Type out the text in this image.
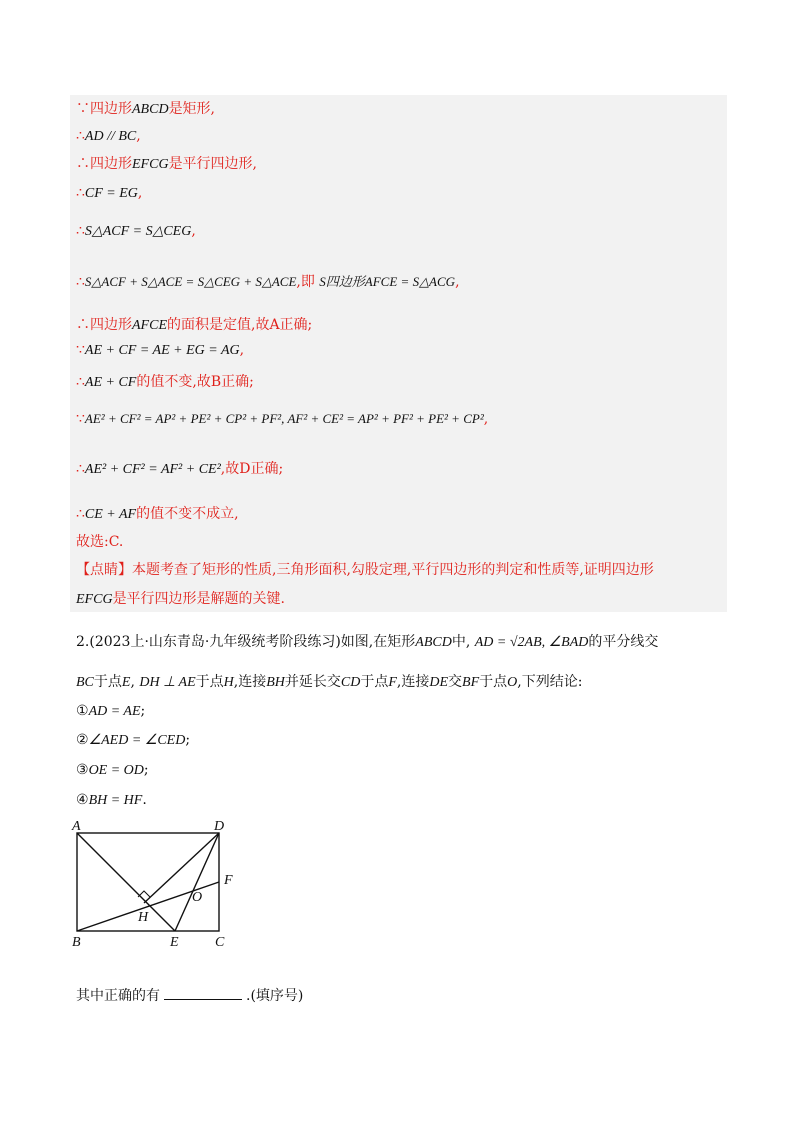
∵四边形ABCD是矩形,
∴AD // BC,
∴四边形EFCG是平行四边形,
∴CF = EG,
∴S△ACF = S△CEG,
∴S△ACF + S△ACE = S△CEG + S△ACE,即 S四边形AFCE = S△ACG,
∴四边形AFCE的面积是定值,故A正确;
∵AE + CF = AE + EG = AG,
∴AE + CF的值不变,故B正确;
∵AE² + CF² = AP² + PE² + CP² + PF², AF² + CE² = AP² + PF² + PE² + CP²,
∴AE² + CF² = AF² + CE²,故D正确;
∴CE + AF的值不变不成立,
故选:C.
【点睛】本题考查了矩形的性质,三角形面积,勾股定理,平行四边形的判定和性质等,证明四边形
EFCG是平行四边形是解题的关键.
2.(2023上·山东青岛·九年级统考阶段练习)如图,在矩形ABCD中, AD = √2AB, ∠BAD的平分线交
BC于点E, DH ⊥ AE于点H,连接BH并延长交CD于点F,连接DE交BF于点O,下列结论:
①AD = AE;
②∠AED = ∠CED;
③OE = OD;
④BH = HF.
A	D
B	E	C
F
H
O
其中正确的有	.(填序号)
